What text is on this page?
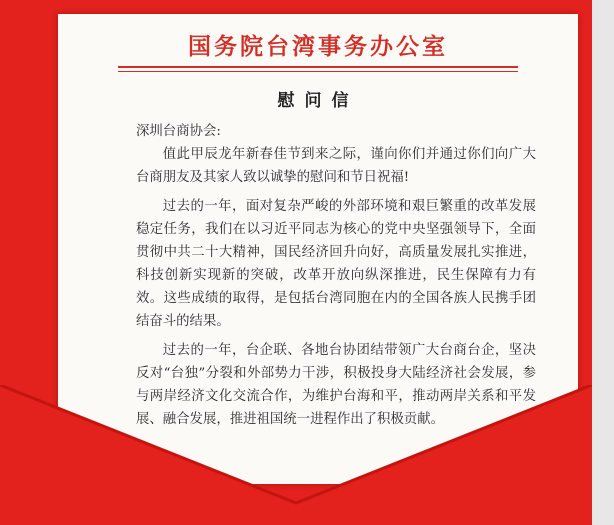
国务院台湾事务办公室
慰问信

深圳台商协会:

值此甲辰龙年新春佳节到来之际，谨向你们并通过你们向广大台商朋友及其家人致以诚挚的慰问和节日祝福!

过去的一年，面对复杂严峻的外部环境和艰巨繁重的改革发展稳定任务，我们在以习近平同志为核心的党中央坚强领导下，全面贯彻中共二十大精神，国民经济回升向好，高质量发展扎实推进，科技创新实现新的突破，改革开放向纵深推进，民生保障有力有效。这些成绩的取得，是包括台湾同胞在内的全国各族人民携手团结奋斗的结果。

过去的一年，台企联、各地台协团结带领广大台商台企，坚决反对“台独”分裂和外部势力干涉，积极投身大陆经济社会发展，参与两岸经济文化交流合作，为维护台海和平，推动两岸关系和平发展、融合发展，推进祖国统一进程作出了积极贡献。
